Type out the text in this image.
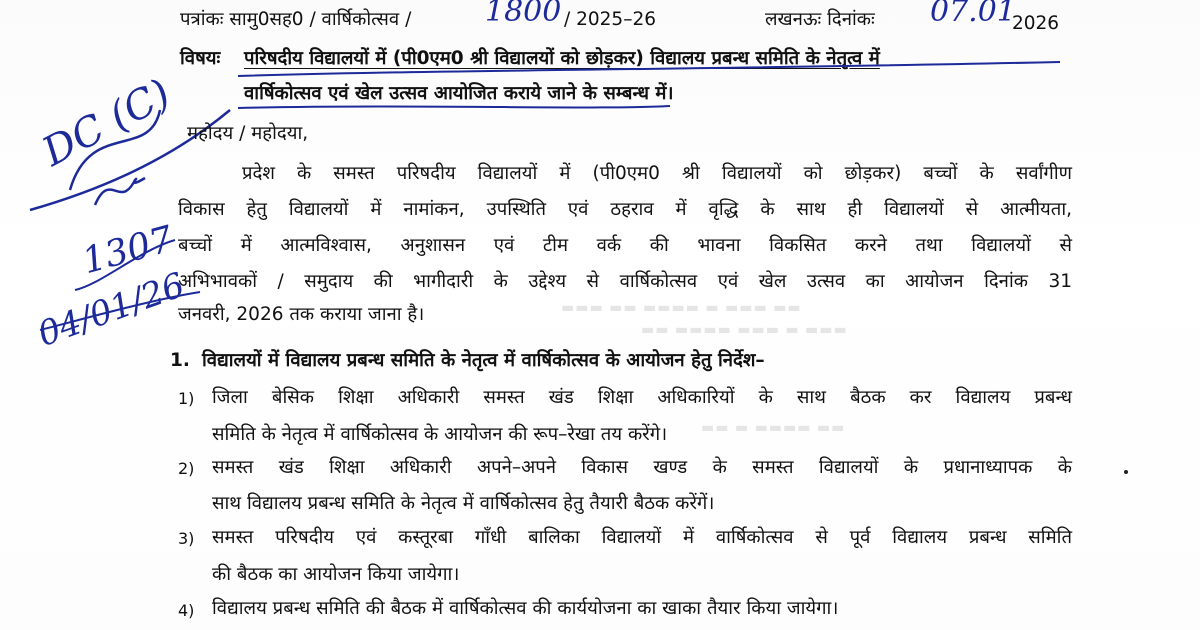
▬▬ ▬▬▬ ▬ ▬▬▬▬ ▬▬ ▬▬▬
▬▬▬ ▬ ▬▬▬ ▬▬▬▬ ▬▬
▬▬ ▬▬▬▬ ▬ ▬▬
पत्रांकः सामु0सह0 / वार्षिकोत्सव / 1800 / 2025–26	लखनऊः दिनांकः 07.01
2026
विषयः परिषदीय विद्यालयों में (पी0एम0 श्री विद्यालयों को छोड़कर) विद्यालय प्रबन्ध समिति के नेतृत्व में
वार्षिकोत्सव एवं खेल उत्सव आयोजित कराये जाने के सम्बन्ध में।
DC (C)
1307
04/01/26
महोदय / महोदया,
प्रदेश के समस्त परिषदीय विद्यालयों में (पी0एम0 श्री विद्यालयों को छोड़कर) बच्चों के सर्वांगीण
विकास हेतु विद्यालयों में नामांकन, उपस्थिति एवं ठहराव में वृद्धि के साथ ही विद्यालयों से आत्मीयता,
बच्चों में आत्मविश्वास, अनुशासन एवं टीम वर्क की भावना विकसित करने तथा विद्यालयों से
अभिभावकों / समुदाय की भागीदारी के उद्देश्य से वार्षिकोत्सव एवं खेल उत्सव का आयोजन दिनांक 31
जनवरी, 2026 तक कराया जाना है।
1. विद्यालयों में विद्यालय प्रबन्ध समिति के नेतृत्व में वार्षिकोत्सव के आयोजन हेतु निर्देश–
1) जिला बेसिक शिक्षा अधिकारी समस्त खंड शिक्षा अधिकारियों के साथ बैठक कर विद्यालय प्रबन्ध
समिति के नेतृत्व में वार्षिकोत्सव के आयोजन की रूप–रेखा तय करेंगे।
2) समस्त खंड शिक्षा अधिकारी अपने–अपने विकास खण्ड के समस्त विद्यालयों के प्रधानाध्यापक के
साथ विद्यालय प्रबन्ध समिति के नेतृत्व में वार्षिकोत्सव हेतु तैयारी बैठक करेंगें।
3) समस्त परिषदीय एवं कस्तूरबा गाँधी बालिका विद्यालयों में वार्षिकोत्सव से पूर्व विद्यालय प्रबन्ध समिति
की बैठक का आयोजन किया जायेगा।
4) विद्यालय प्रबन्ध समिति की बैठक में वार्षिकोत्सव की कार्ययोजना का खाका तैयार किया जायेगा।
